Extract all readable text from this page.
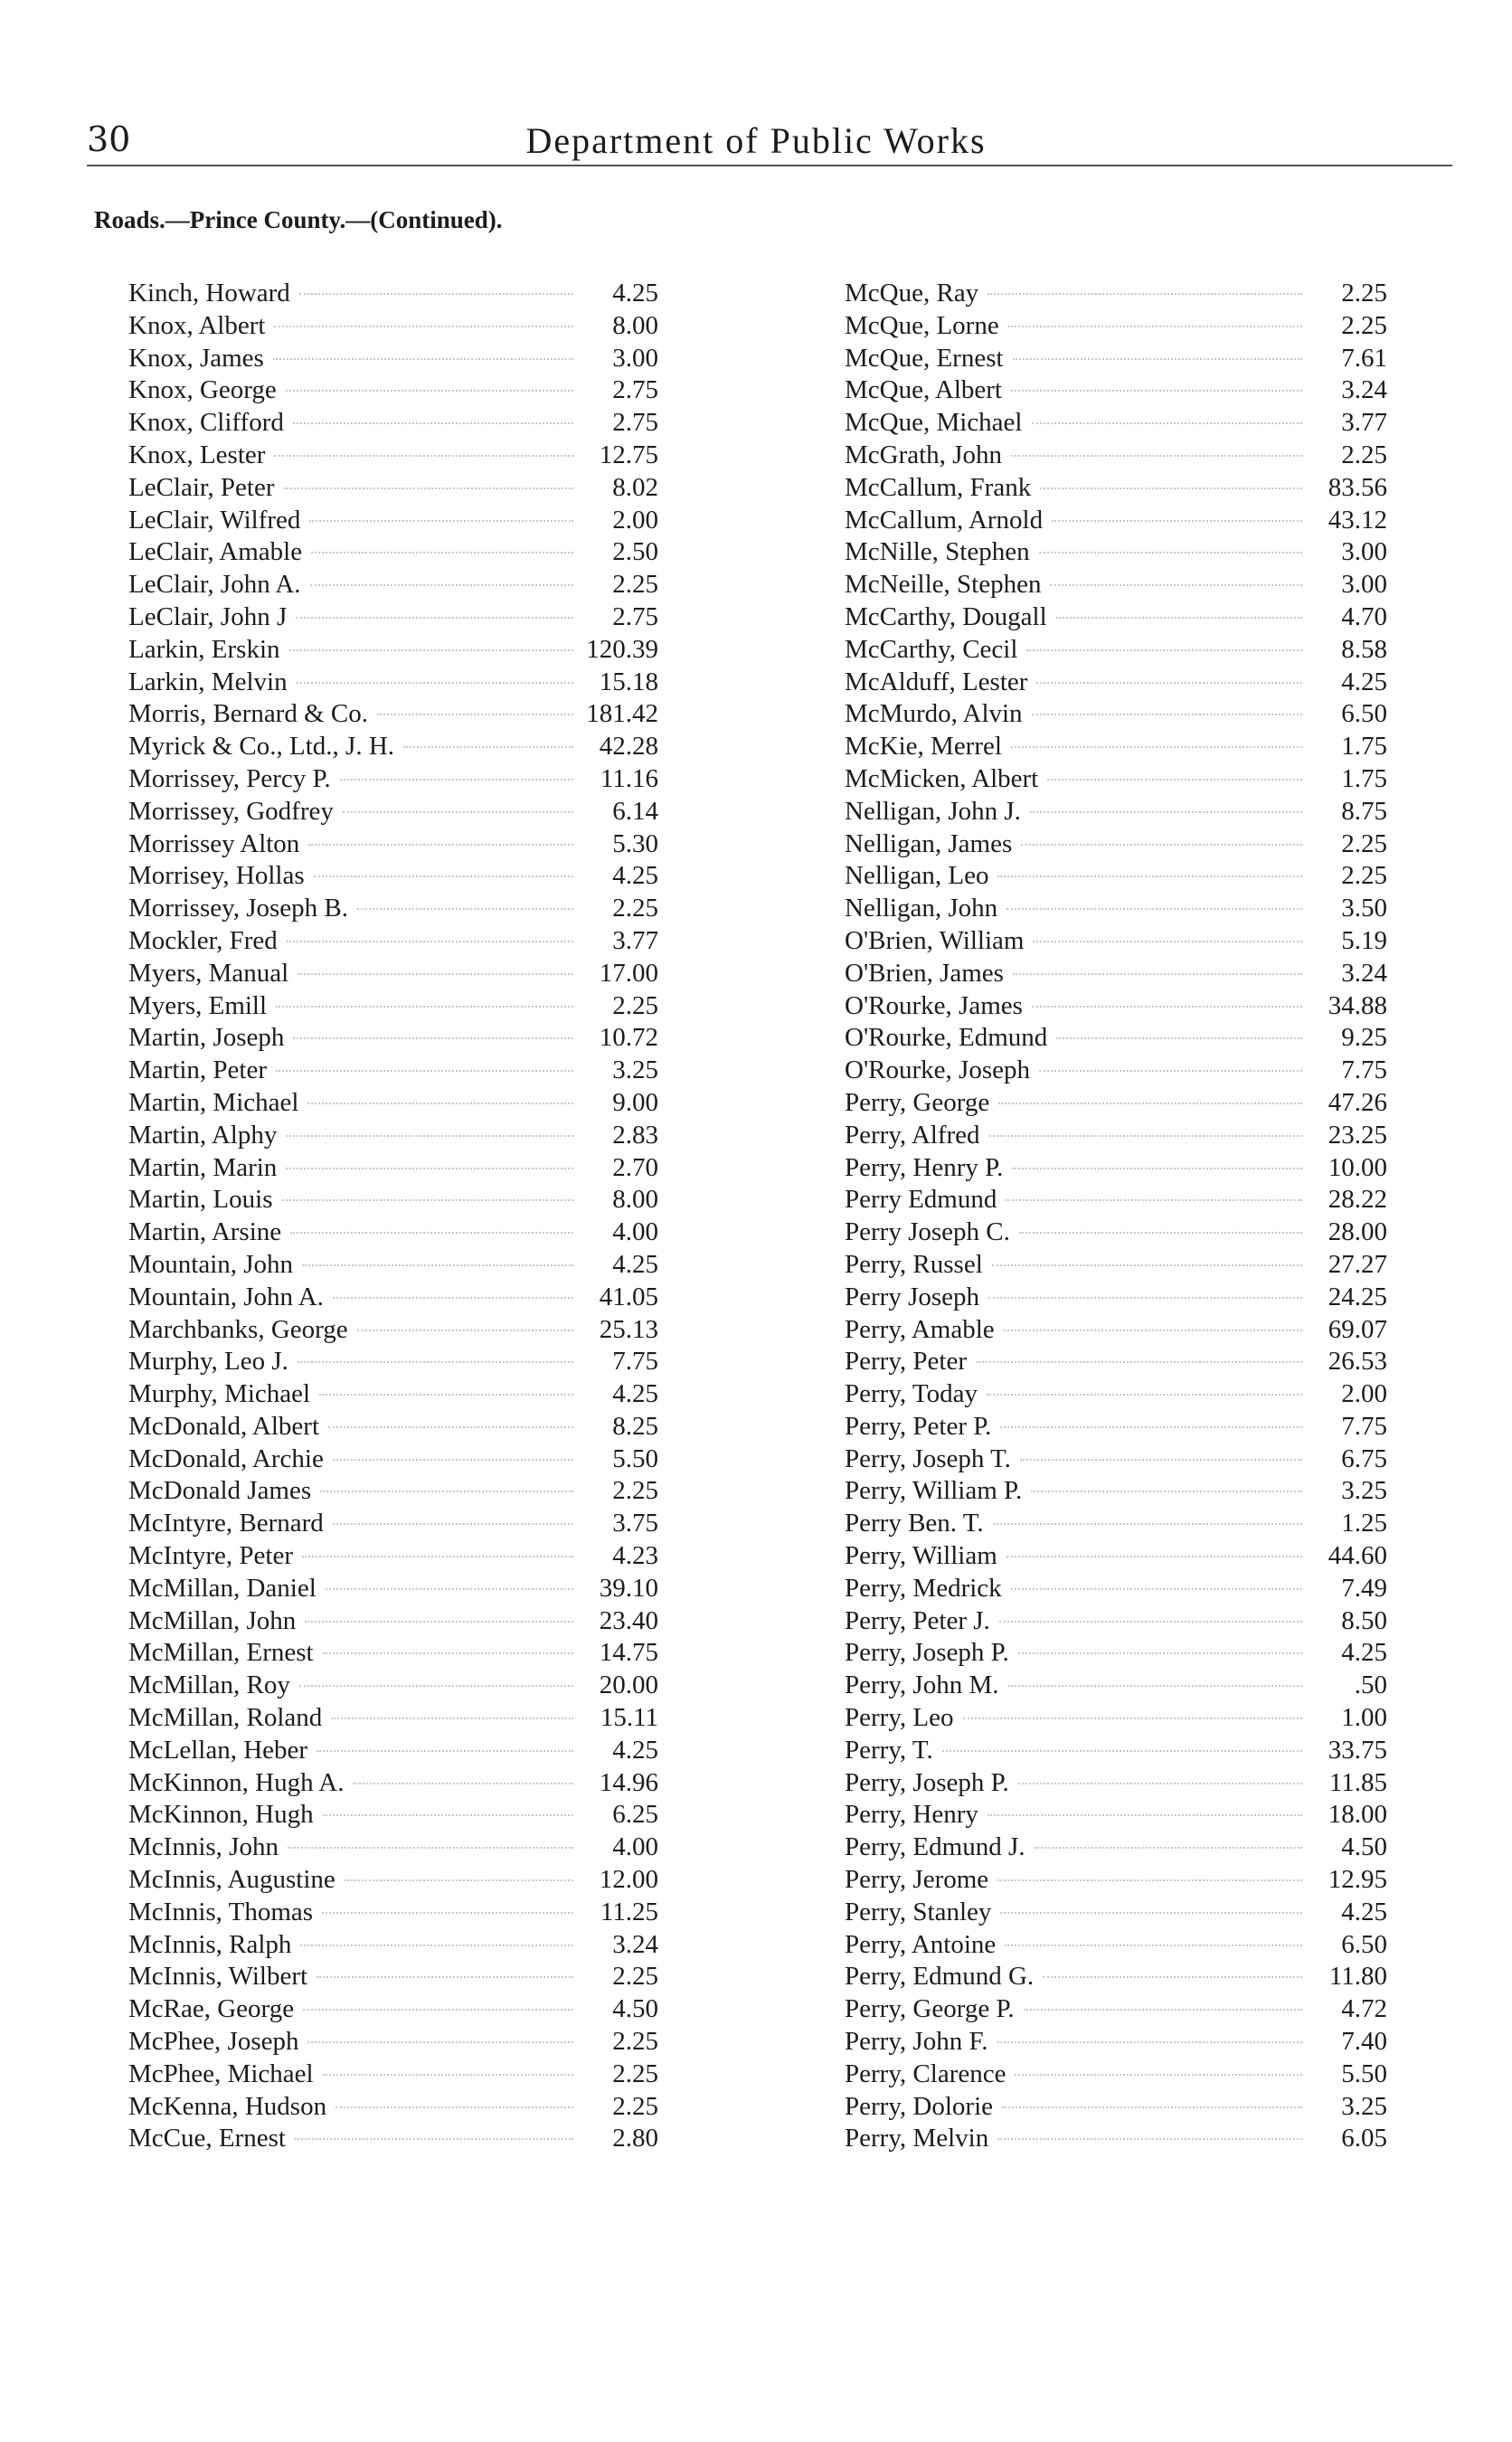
30	Department of Public Works
Roads.—Prince County.—(Continued).
Kinch, Howard	4.25
Knox, Albert	8.00
Knox, James	3.00
Knox, George	2.75
Knox, Clifford	2.75
Knox, Lester	12.75
LeClair, Peter	8.02
LeClair, Wilfred	2.00
LeClair, Amable	2.50
LeClair, John A.	2.25
LeClair, John J	2.75
Larkin, Erskin	120.39
Larkin, Melvin	15.18
Morris, Bernard & Co.	181.42
Myrick & Co., Ltd., J. H.	42.28
Morrissey, Percy P.	11.16
Morrissey, Godfrey	6.14
Morrissey Alton	5.30
Morrisey, Hollas	4.25
Morrissey, Joseph B.	2.25
Mockler, Fred	3.77
Myers, Manual	17.00
Myers, Emill	2.25
Martin, Joseph	10.72
Martin, Peter	3.25
Martin, Michael	9.00
Martin, Alphy	2.83
Martin, Marin	2.70
Martin, Louis	8.00
Martin, Arsine	4.00
Mountain, John	4.25
Mountain, John A.	41.05
Marchbanks, George	25.13
Murphy, Leo J.	7.75
Murphy, Michael	4.25
McDonald, Albert	8.25
McDonald, Archie	5.50
McDonald James	2.25
McIntyre, Bernard	3.75
McIntyre, Peter	4.23
McMillan, Daniel	39.10
McMillan, John	23.40
McMillan, Ernest	14.75
McMillan, Roy	20.00
McMillan, Roland	15.11
McLellan, Heber	4.25
McKinnon, Hugh A.	14.96
McKinnon, Hugh	6.25
McInnis, John	4.00
McInnis, Augustine	12.00
McInnis, Thomas	11.25
McInnis, Ralph	3.24
McInnis, Wilbert	2.25
McRae, George	4.50
McPhee, Joseph	2.25
McPhee, Michael	2.25
McKenna, Hudson	2.25
McCue, Ernest	2.80
McQue, Ray	2.25
McQue, Lorne	2.25
McQue, Ernest	7.61
McQue, Albert	3.24
McQue, Michael	3.77
McGrath, John	2.25
McCallum, Frank	83.56
McCallum, Arnold	43.12
McNille, Stephen	3.00
McNeille, Stephen	3.00
McCarthy, Dougall	4.70
McCarthy, Cecil	8.58
McAlduff, Lester	4.25
McMurdo, Alvin	6.50
McKie, Merrel	1.75
McMicken, Albert	1.75
Nelligan, John J.	8.75
Nelligan, James	2.25
Nelligan, Leo	2.25
Nelligan, John	3.50
O'Brien, William	5.19
O'Brien, James	3.24
O'Rourke, James	34.88
O'Rourke, Edmund	9.25
O'Rourke, Joseph	7.75
Perry, George	47.26
Perry, Alfred	23.25
Perry, Henry P.	10.00
Perry Edmund	28.22
Perry Joseph C.	28.00
Perry, Russel	27.27
Perry Joseph	24.25
Perry, Amable	69.07
Perry, Peter	26.53
Perry, Today	2.00
Perry, Peter P.	7.75
Perry, Joseph T.	6.75
Perry, William P.	3.25
Perry Ben. T.	1.25
Perry, William	44.60
Perry, Medrick	7.49
Perry, Peter J.	8.50
Perry, Joseph P.	4.25
Perry, John M.	.50
Perry, Leo	1.00
Perry, T.	33.75
Perry, Joseph P.	11.85
Perry, Henry	18.00
Perry, Edmund J.	4.50
Perry, Jerome	12.95
Perry, Stanley	4.25
Perry, Antoine	6.50
Perry, Edmund G.	11.80
Perry, George P.	4.72
Perry, John F.	7.40
Perry, Clarence	5.50
Perry, Dolorie	3.25
Perry, Melvin	6.05
